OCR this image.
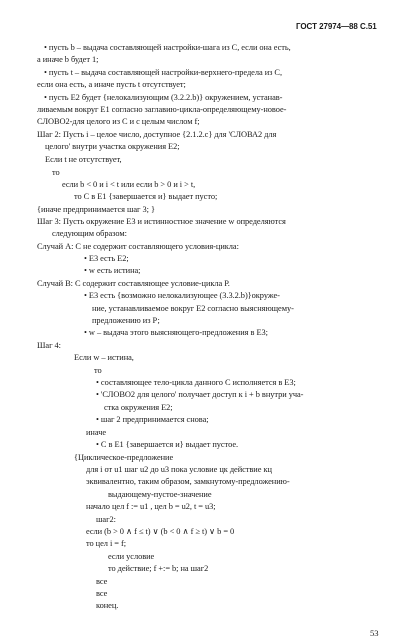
ГОСТ 27974—88 С.51
• пусть b – выдача составляющей настройки-шага из С, если она есть,
а иначе b будет 1;
• пусть t – выдача составляющей настройки-верхнего-предела из С,
если она есть, а иначе пусть t отсутствует;
• пусть Е2 будет {нелокализующим (3.2.2.b)} окружением, устанав-
ливаемым вокруг Е1 согласно заглавию-цикла-определяющему-новое-
СЛОВО2-для целого из С и с целым числом f;
Шаг 2: Пусть i – целое число, доступное {2.1.2.c} для 'СЛОВА2 для
целого' внутри участка окружения Е2;
Если t не отсутствует,
то
если b < 0 и i < t или если b > 0 и i > t,
то С в Е1 {завершается и} выдает пусто;
{иначе предпринимается шаг 3; }
Шаг 3: Пусть окружение Е3 и истинностное значение w определяются
следующим образом:
Случай А: С не содержит составляющего условия-цикла:
• Е3 есть Е2;
• w есть истина;
Случай В: С содержит составляющее условие-цикла Р.
• Е3 есть {возможно нелокализующее (3.3.2.b)}окруже-
ние, устанавливаемое вокруг Е2 согласно выясняющему-
предложению из Р;
• w – выдача этого выясняющего-предложения в Е3;
Шаг 4:
Если w – истина,
то
• составляющее тело-цикла данного С исполняется в Е3;
• 'СЛОВО2 для целого' получает доступ к i + b внутри уча-
стка окружения Е2;
• шаг 2 предпринимается снова;
иначе
• С в Е1 {завершается и} выдает пустое.
{Циклическое-предложение
для i от u1 шаг u2 до u3 пока условие цк действие кц
эквивалентно, таким образом, замкнутому-предложению-
выдающему-пустое-значение
начало цел f := u1 , цел b = u2, t = u3;
шаг2:
если (b > 0 ∧ f ≤ t) ∨ (b < 0 ∧ f ≥ t) ∨ b = 0
то цел i = f;
если условие
то действие; f +:= b; на шаг2
все
все
конец.
53
